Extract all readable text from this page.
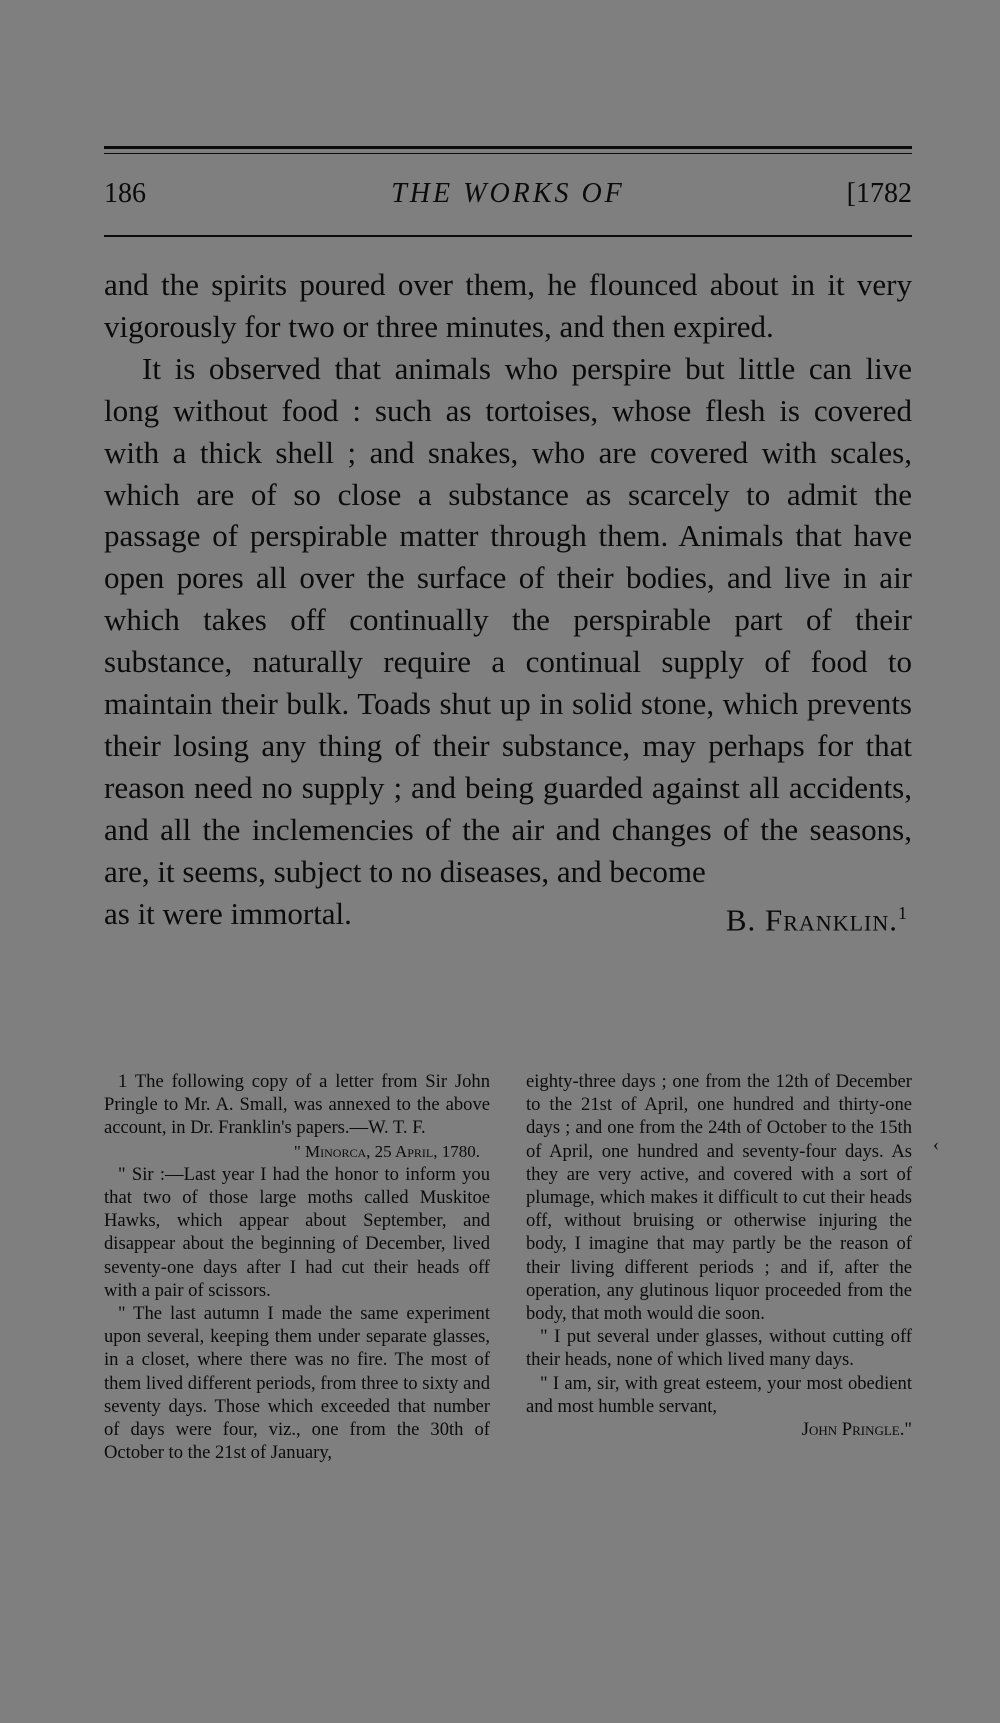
186	THE WORKS OF	[1782

and the spirits poured over them, he flounced about in it very vigorously for two or three minutes, and then expired.

It is observed that animals who perspire but little can live long without food : such as tortoises, whose flesh is covered with a thick shell ; and snakes, who are covered with scales, which are of so close a substance as scarcely to admit the passage of perspirable matter through them. Animals that have open pores all over the surface of their bodies, and live in air which takes off continually the perspirable part of their substance, naturally require a continual supply of food to maintain their bulk. Toads shut up in solid stone, which prevents their losing any thing of their substance, may perhaps for that reason need no supply ; and being guarded against all accidents, and all the inclemencies of the air and changes of the seasons, are, it seems, subject to no diseases, and become

as it were immortal.	B. Franklin.$^1$

1 The following copy of a letter from Sir John Pringle to Mr. A. Small, was annexed to the above account, in Dr. Franklin's papers.—W. T. F.

" Minorca, 25 April, 1780.

" Sir :—Last year I had the honor to inform you that two of those large moths called Muskitoe Hawks, which appear about September, and disappear about the beginning of December, lived seventy-one days after I had cut their heads off with a pair of scissors.

" The last autumn I made the same experiment upon several, keeping them under separate glasses, in a closet, where there was no fire. The most of them lived different periods, from three to sixty and seventy days. Those which exceeded that number of days were four, viz., one from the 30th of October to the 21st of January,

eighty-three days ; one from the 12th of December to the 21st of April, one hundred and thirty-one days ; and one from the 24th of October to the 15th of April, one hundred and seventy-four days. As they are very active, and covered with a sort of plumage, which makes it difficult to cut their heads off, without bruising or otherwise injuring the body, I imagine that may partly be the reason of their living different periods ; and if, after the operation, any glutinous liquor proceeded from the body, that moth would die soon.

" I put several under glasses, without cutting off their heads, none of which lived many days.

" I am, sir, with great esteem, your most obedient and most humble servant,

John Pringle."

‹
